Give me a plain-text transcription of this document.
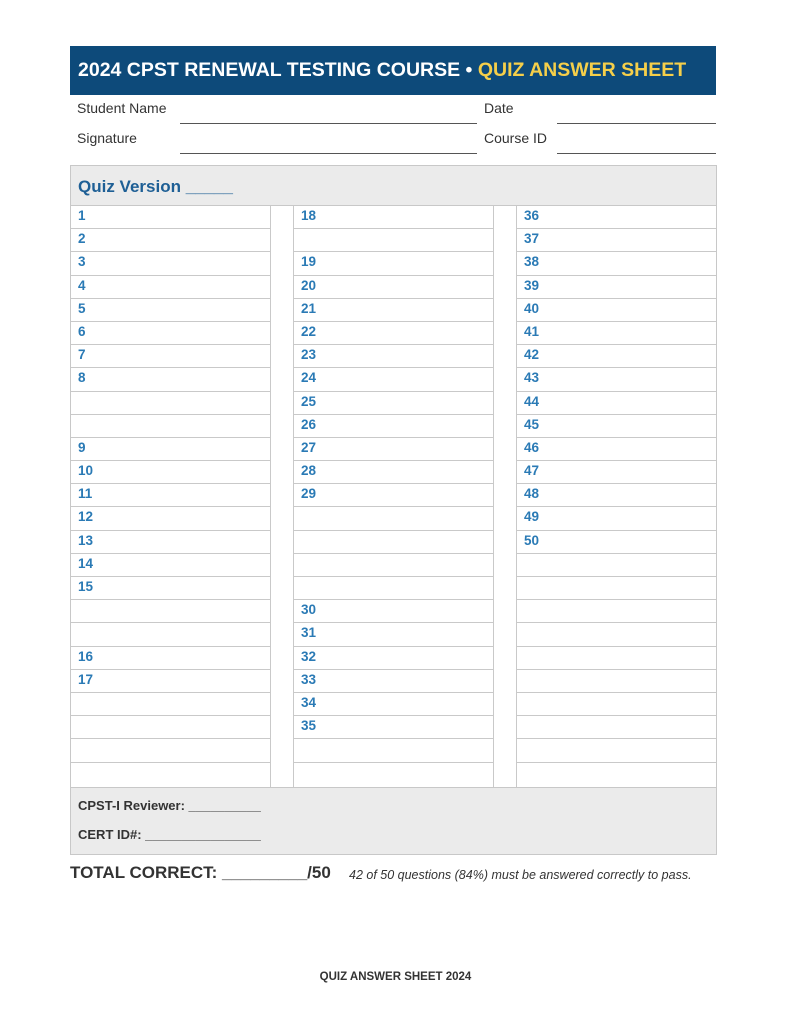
2024 CPST RENEWAL TESTING COURSE • QUIZ ANSWER SHEET
Student Name	Date
Signature	Course ID
Quiz Version _____
1
2
3
4
5
6
7
8
9
10
11
12
13
14
15
16
17
18
19
20
21
22
23
24
25
26
27
28
29
30
31
32
33
34
35
36
37
38
39
40
41
42
43
44
45
46
47
48
49
50
CPST-I Reviewer: __________
CERT ID#: ________________
TOTAL CORRECT: _________/50 42 of 50 questions (84%) must be answered correctly to pass.
QUIZ ANSWER SHEET 2024
